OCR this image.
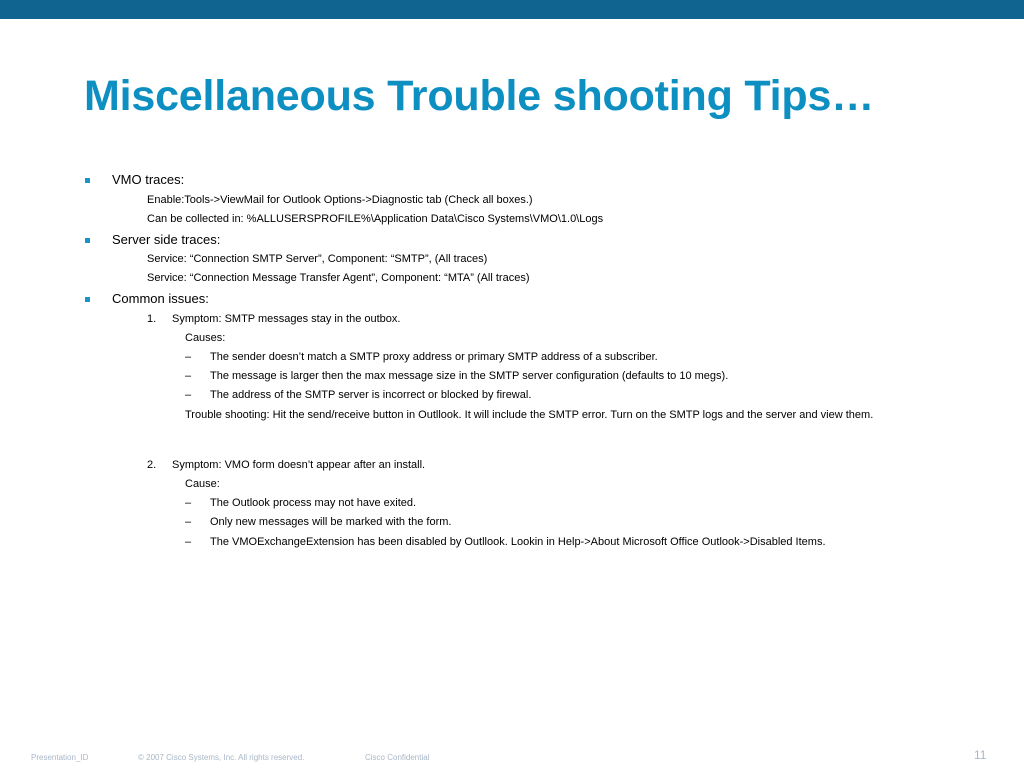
Miscellaneous Trouble shooting Tips…
VMO traces:
Enable:Tools->ViewMail for Outlook Options->Diagnostic tab (Check all boxes.)
Can be collected in: %ALLUSERSPROFILE%\Application Data\Cisco Systems\VMO\1.0\Logs
Server side traces:
Service: “Connection SMTP Server”, Component: “SMTP”, (All traces)
Service: “Connection Message Transfer Agent”, Component: “MTA” (All traces)
Common issues:
1. Symptom: SMTP messages stay in the outbox.
Causes:
– The sender doesn’t match a SMTP proxy address or primary SMTP address of a subscriber.
– The message is larger then the max message size in the SMTP server configuration (defaults to 10 megs).
– The address of the SMTP server is incorrect or blocked by firewal.
Trouble shooting: Hit the send/receive button in Outllook. It will include the SMTP error. Turn on the SMTP logs and the server and view them.
2. Symptom: VMO form doesn’t appear after an install.
Cause:
– The Outlook process may not have exited.
– Only new messages will be marked with the form.
– The VMOExchangeExtension has been disabled by Outllook. Lookin in Help->About Microsoft Office Outlook->Disabled Items.
Presentation_ID	© 2007 Cisco Systems, Inc. All rights reserved.	Cisco Confidential	11
